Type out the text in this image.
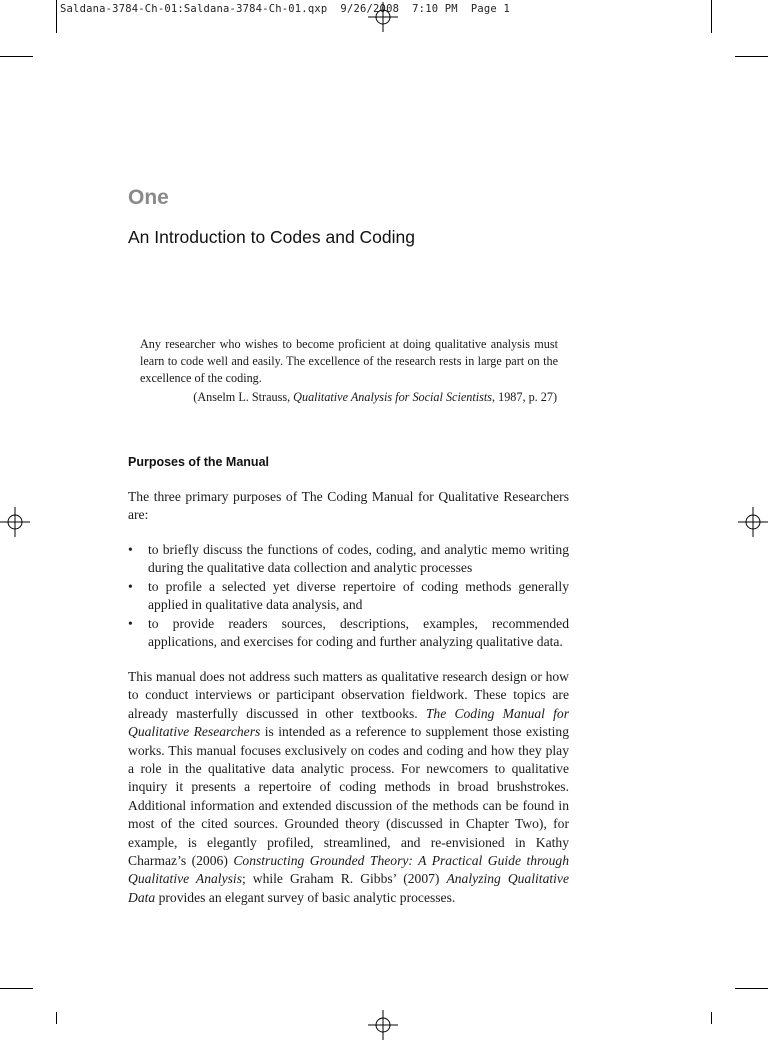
Saldana-3784-Ch-01:Saldana-3784-Ch-01.qxp  9/26/2008  7:10 PM  Page 1
One
An Introduction to Codes and Coding
Any researcher who wishes to become proficient at doing qualitative analysis must learn to code well and easily. The excellence of the research rests in large part on the excellence of the coding.
(Anselm L. Strauss, Qualitative Analysis for Social Scientists, 1987, p. 27)
Purposes of the Manual
The three primary purposes of The Coding Manual for Qualitative Researchers are:
• to briefly discuss the functions of codes, coding, and analytic memo writing during the qualitative data collection and analytic processes
• to profile a selected yet diverse repertoire of coding methods generally applied in qualitative data analysis, and
• to provide readers sources, descriptions, examples, recommended applications, and exercises for coding and further analyzing qualitative data.
This manual does not address such matters as qualitative research design or how to conduct interviews or participant observation fieldwork. These topics are already masterfully discussed in other textbooks. The Coding Manual for Qualitative Researchers is intended as a reference to supplement those existing works. This manual focuses exclusively on codes and coding and how they play a role in the qualitative data analytic process. For newcomers to qualitative inquiry it presents a repertoire of coding methods in broad brushstrokes. Additional information and extended discussion of the methods can be found in most of the cited sources. Grounded theory (discussed in Chapter Two), for example, is elegantly profiled, streamlined, and re-envisioned in Kathy Charmaz’s (2006) Constructing Grounded Theory: A Practical Guide through Qualitative Analysis; while Graham R. Gibbs’ (2007) Analyzing Qualitative Data provides an elegant survey of basic analytic processes.
